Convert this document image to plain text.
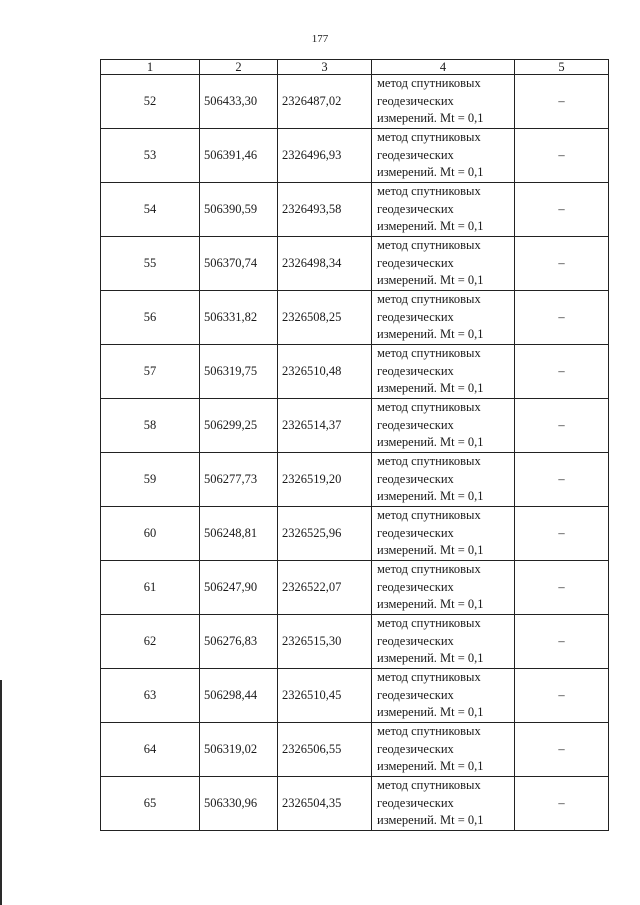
177
1	2	3	4	5
52	506433,30	2326487,02	метод спутниковых
геодезических
измерений. Mt = 0,1	–
53	506391,46	2326496,93	метод спутниковых
геодезических
измерений. Mt = 0,1	–
54	506390,59	2326493,58	метод спутниковых
геодезических
измерений. Mt = 0,1	–
55	506370,74	2326498,34	метод спутниковых
геодезических
измерений. Mt = 0,1	–
56	506331,82	2326508,25	метод спутниковых
геодезических
измерений. Mt = 0,1	–
57	506319,75	2326510,48	метод спутниковых
геодезических
измерений. Mt = 0,1	–
58	506299,25	2326514,37	метод спутниковых
геодезических
измерений. Mt = 0,1	–
59	506277,73	2326519,20	метод спутниковых
геодезических
измерений. Mt = 0,1	–
60	506248,81	2326525,96	метод спутниковых
геодезических
измерений. Mt = 0,1	–
61	506247,90	2326522,07	метод спутниковых
геодезических
измерений. Mt = 0,1	–
62	506276,83	2326515,30	метод спутниковых
геодезических
измерений. Mt = 0,1	–
63	506298,44	2326510,45	метод спутниковых
геодезических
измерений. Mt = 0,1	–
64	506319,02	2326506,55	метод спутниковых
геодезических
измерений. Mt = 0,1	–
65	506330,96	2326504,35	метод спутниковых
геодезических
измерений. Mt = 0,1	–
